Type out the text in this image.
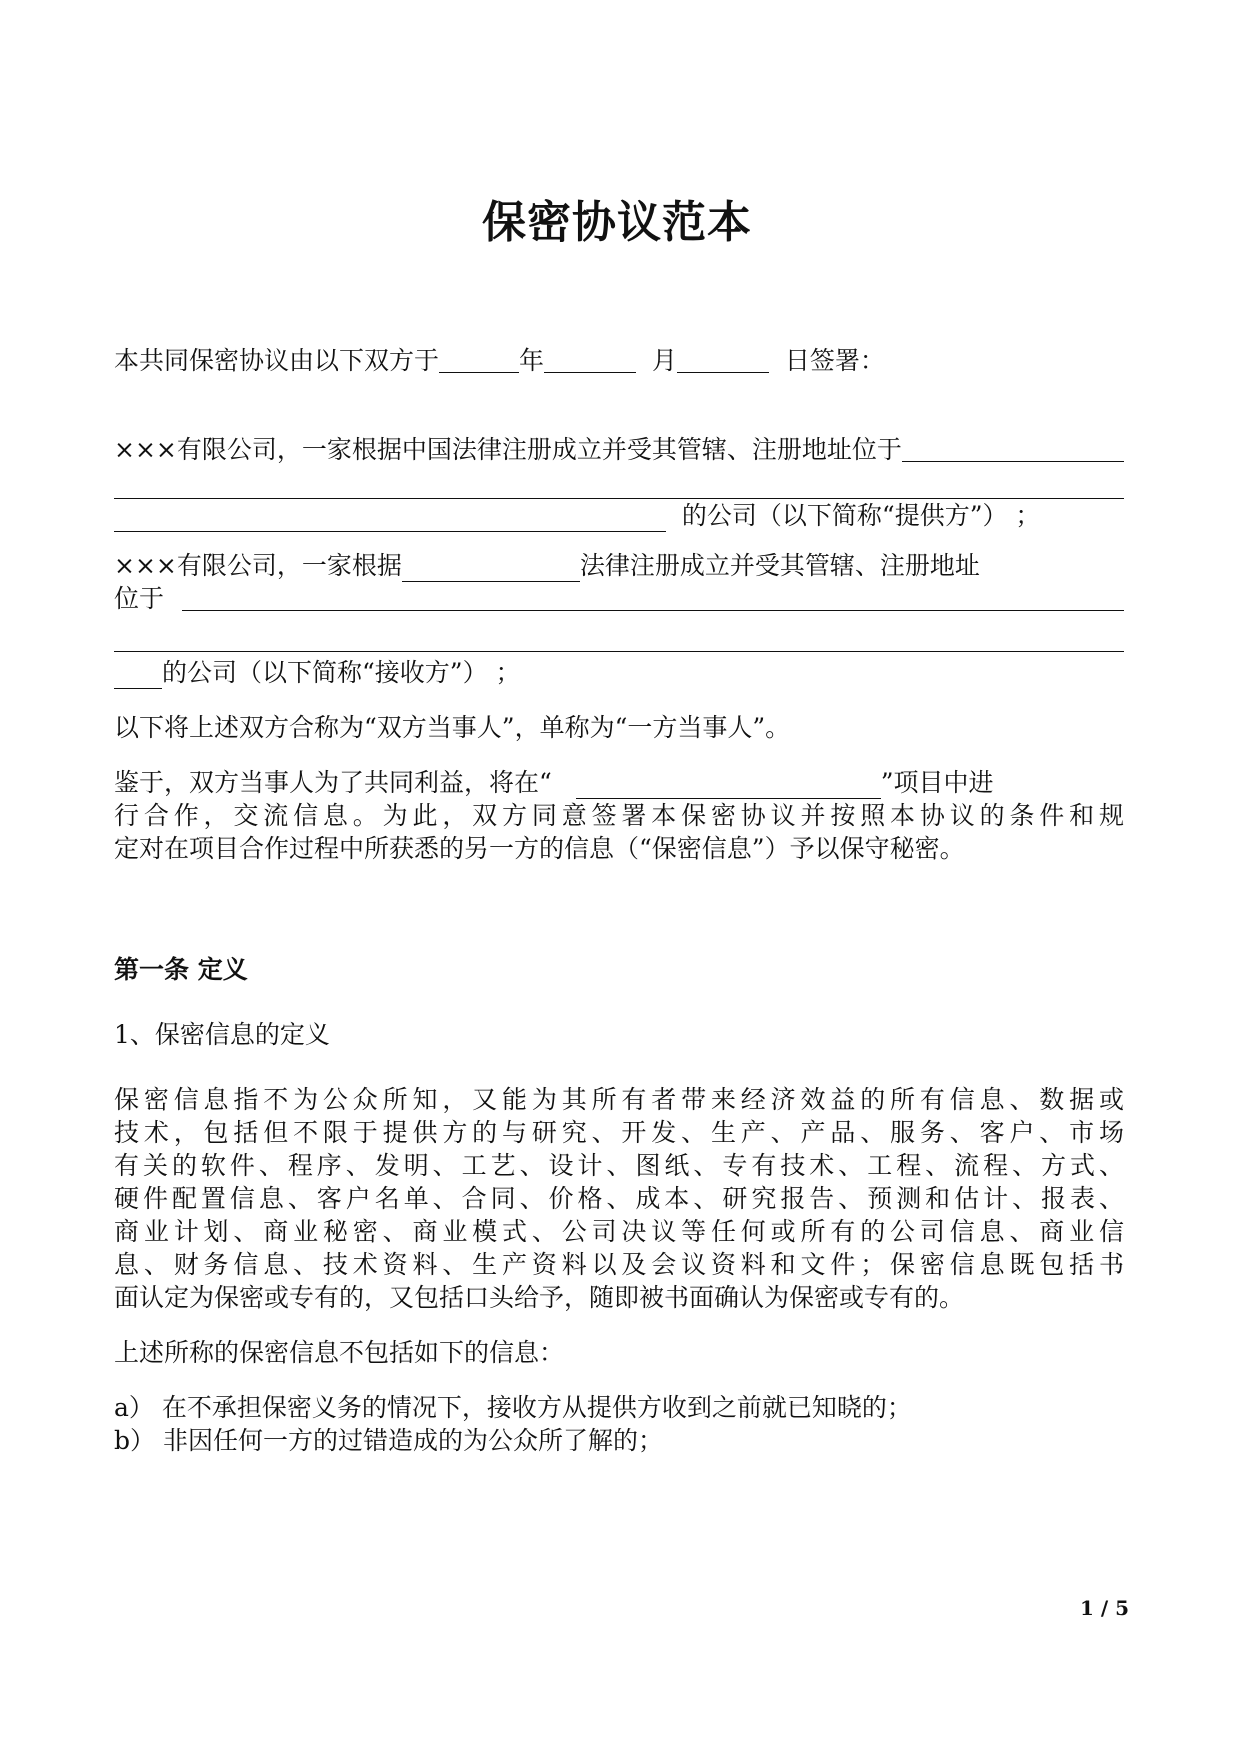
保密协议范本

本共同保密协议由以下双方于	年	月	日签署：

×××有限公司，一家根据中国法律注册成立并受其管辖、注册地址位于

的公司（以下简称“提供方”） ；
×××有限公司，一家根据	法律注册成立并受其管辖、注册地址
位于

的公司（以下简称“接收方”） ；

以下将上述双方合称为“双方当事人”，单称为“一方当事人”。

鉴于，双方当事人为了共同利益，将在“
	”项目中进
行合作，交流信息。为此，双方同意签署本保密协议并按照本协议的条件和规
定对在项目合作过程中所获悉的另一方的信息（“保密信息”）予以保守秘密。
第一条 定义

1、保密信息的定义

保密信息指不为公众所知，又能为其所有者带来经济效益的所有信息、数据或
技术，包括但不限于提供方的与研究、开发、生产、产品、服务、客户、市场
有关的软件、程序、发明、工艺、设计、图纸、专有技术、工程、流程、方式、
硬件配置信息、客户名单、合同、价格、成本、研究报告、预测和估计、报表、
商业计划、商业秘密、商业模式、公司决议等任何或所有的公司信息、商业信
息、财务信息、技术资料、生产资料以及会议资料和文件；保密信息既包括书
面认定为保密或专有的，又包括口头给予，随即被书面确认为保密或专有的。

上述所称的保密信息不包括如下的信息：

a） 在不承担保密义务的情况下，接收方从提供方收到之前就已知晓的；
b） 非因任何一方的过错造成的为公众所了解的；
1 / 5
